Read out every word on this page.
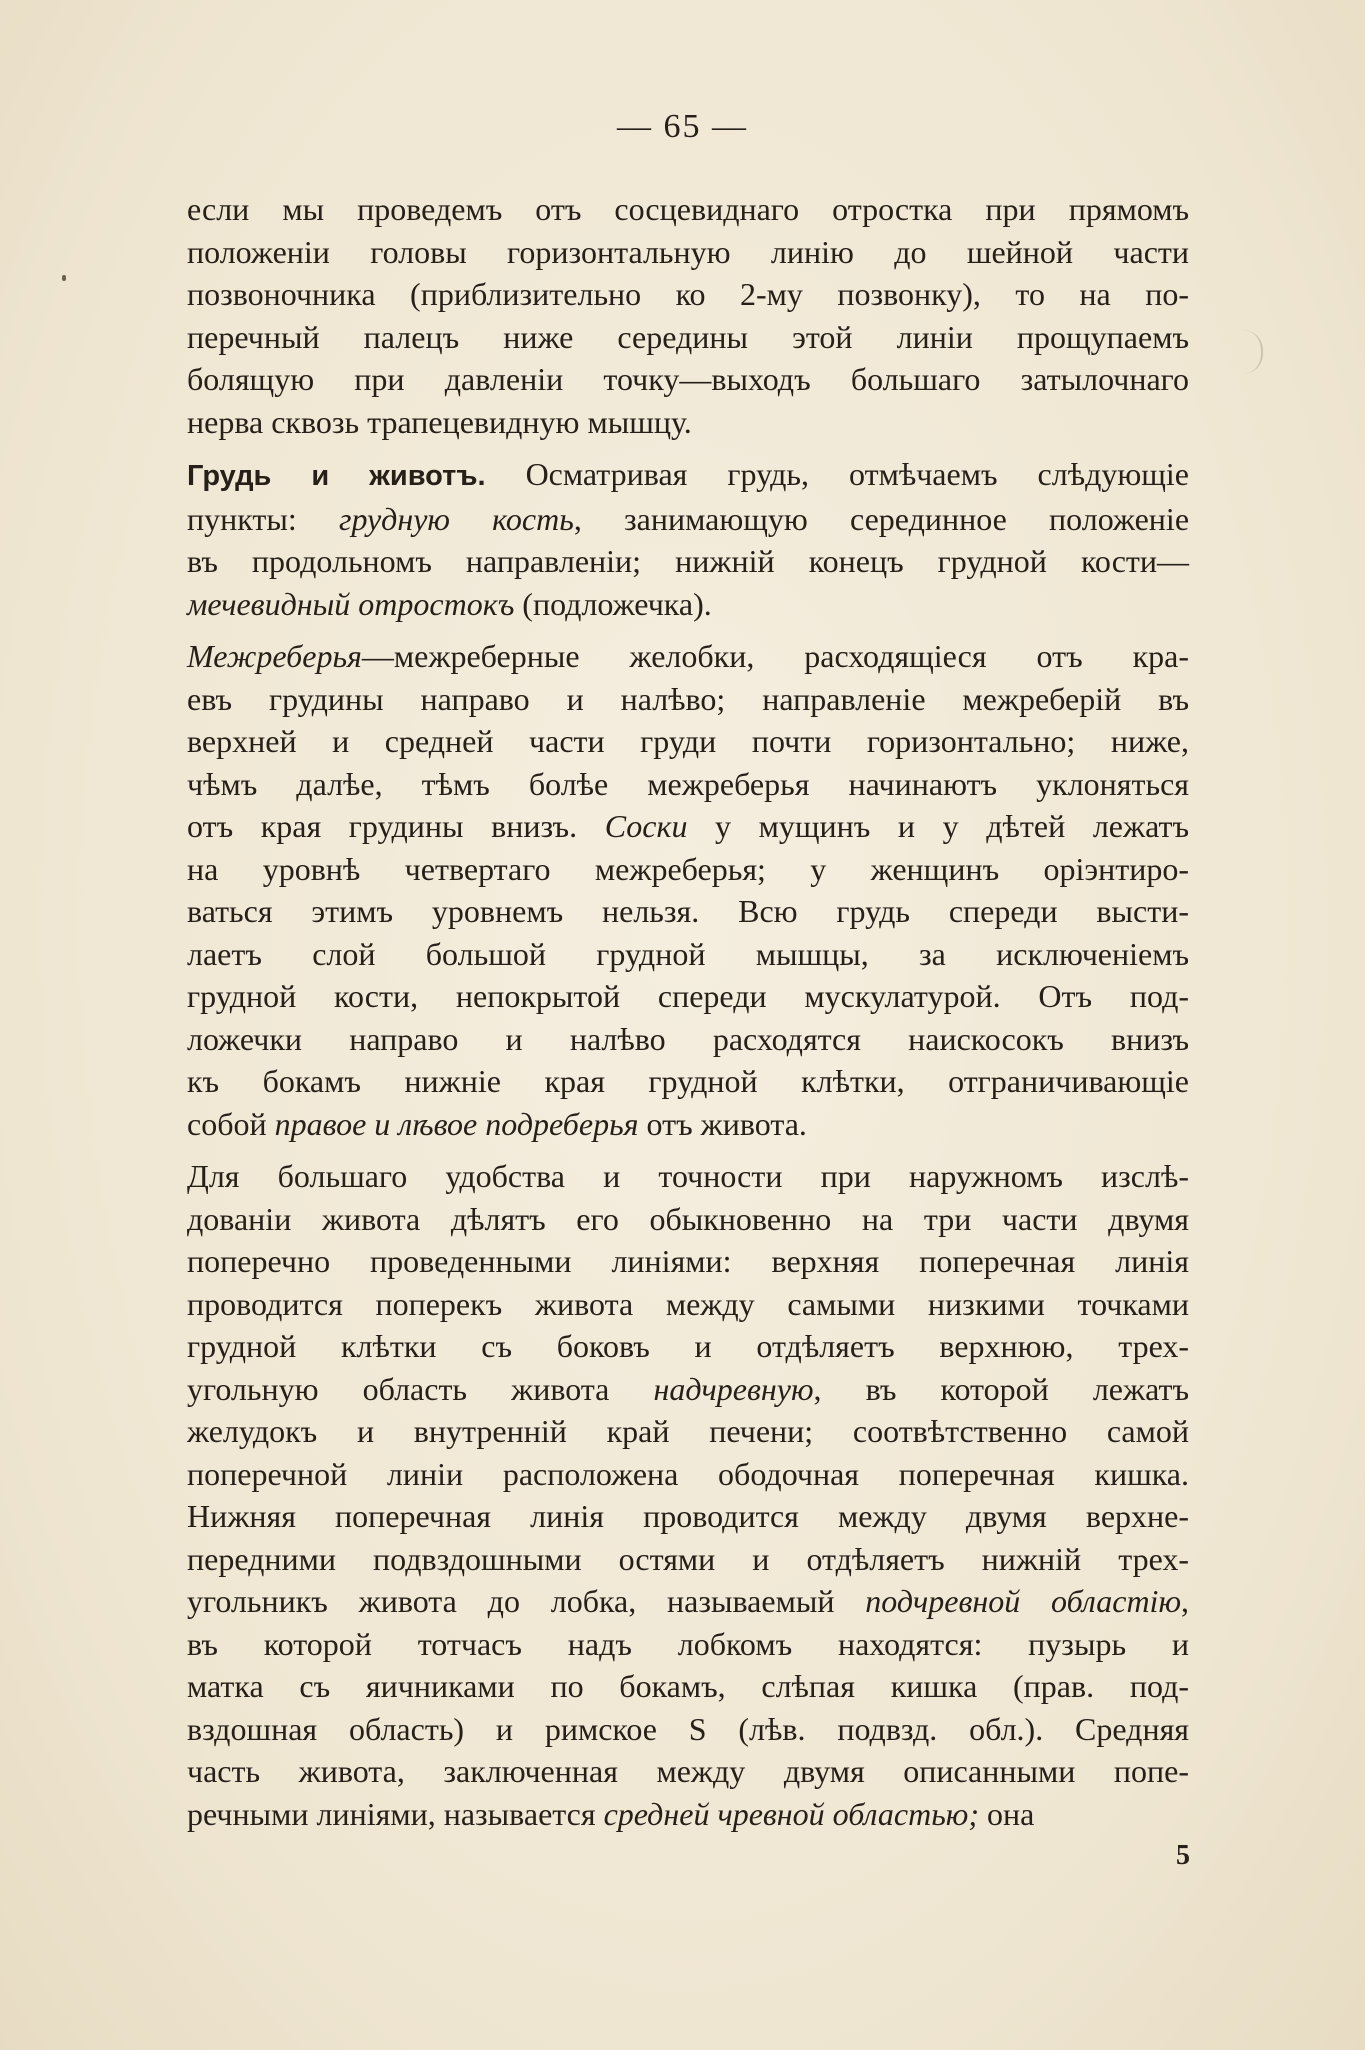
— 65 —
если мы проведемъ отъ сосцевиднаго отростка при прямомъ
положенiи головы горизонтальную линiю до шейной части
позвоночника (приблизительно ко 2-му позвонку), то на по-
перечный палецъ ниже середины этой линiи прощупаемъ
болящую при давленiи точку—выходъ большаго затылочнаго
нерва сквозь трапецевидную мышцу.
Грудь и животъ. Осматривая грудь, отмѣчаемъ слѣдующiе
пункты: грудную кость, занимающую серединное положенiе
въ продольномъ направленiи; нижнiй конецъ грудной кости—
мечевидный отростокъ (подложечка).
Межреберья—межреберные желобки, расходящiеся отъ кра-
евъ грудины направо и налѣво; направленiе межреберiй въ
верхней и средней части груди почти горизонтально; ниже,
чѣмъ далѣе, тѣмъ болѣе межреберья начинаютъ уклоняться
отъ края грудины внизъ. Соски у мущинъ и у дѣтей лежатъ
на уровнѣ четвертаго межреберья; у женщинъ орiэнтиро-
ваться этимъ уровнемъ нельзя. Всю грудь спереди высти-
лаетъ слой большой грудной мышцы, за исключенiемъ
грудной кости, непокрытой спереди мускулатурой. Отъ под-
ложечки направо и налѣво расходятся наискосокъ внизъ
къ бокамъ нижнiе края грудной клѣтки, отграничивающiе
собой правое и лѣвое подреберья отъ живота.
Для большаго удобства и точности при наружномъ изслѣ-
дованiи живота дѣлятъ его обыкновенно на три части двумя
поперечно проведенными линiями: верхняя поперечная линiя
проводится поперекъ живота между самыми низкими точками
грудной клѣтки съ боковъ и отдѣляетъ верхнюю, трех-
угольную область живота надчревную, въ которой лежатъ
желудокъ и внутреннiй край печени; соотвѣтственно самой
поперечной линiи расположена ободочная поперечная кишка.
Нижняя поперечная линiя проводится между двумя верхне-
передними подвздошными остями и отдѣляетъ нижнiй трех-
угольникъ живота до лобка, называемый подчревной областiю,
въ которой тотчасъ надъ лобкомъ находятся: пузырь и
матка съ яичниками по бокамъ, слѣпая кишка (прав. под-
вздошная область) и римское S (лѣв. подвзд. обл.). Средняя
часть живота, заключенная между двумя описанными попе-
речными линiями, называется средней чревной областью; она
5
